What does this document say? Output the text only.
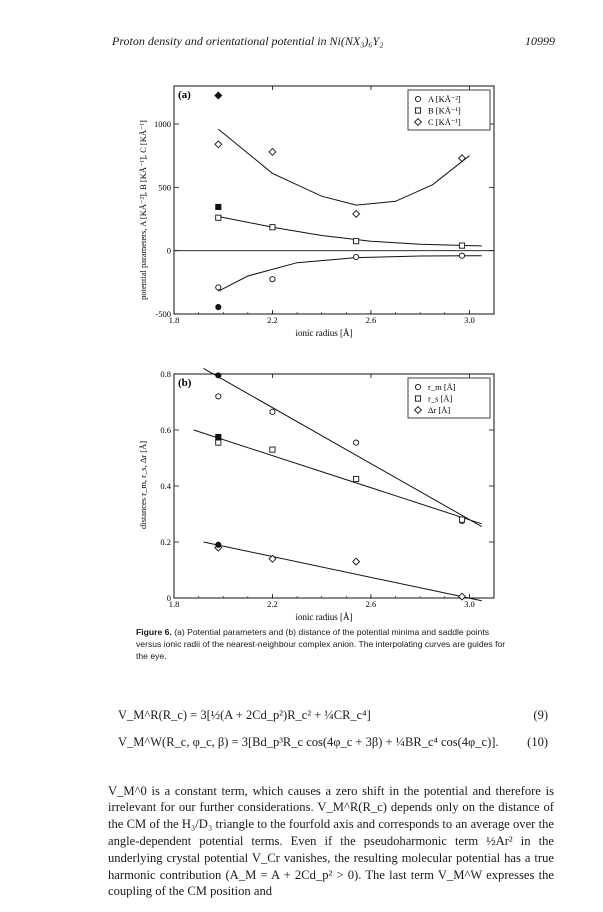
Proton density and orientational potential in Ni(NX₃)₆Y₂	10999
potential parameters, A [KÅ⁻²], B [KÅ⁻¹], C [KÅ⁻¹]
1.8	2.2	2.6	3.0
ionic radius [Å]
1000
500
0
-500
(a)	A [KÅ⁻²]
B [KÅ⁻¹]
C [KÅ⁻¹]
distances r_m, r_s, Δr [Å]
1.8	2.2	2.6	3.0
ionic radius [Å]
0.8
0.6
0.4
0.2
0
(b)	r_m [Å]
r_s [Å]
Δr [Å]
Figure 6. (a) Potential parameters and (b) distance of the potential minima and saddle points versus ionic radii of the nearest-neighbour complex anion. The interpolating curves are guides for the eye.
V_M^R(R_c) = 3[½(A + 2Cd_p²)R_c² + ¼CR_c⁴]	(9)
V_M^W(R_c, φ_c, β) = 3[Bd_p³R_c cos(4φ_c + 3β) + ¼BR_c⁴ cos(4φ_c)]. (10)

V_M^0 is a constant term, which causes a zero shift in the potential and therefore is irrelevant for our further considerations. V_M^R(R_c) depends only on the distance of the CM of the H₃/D₃ triangle to the fourfold axis and corresponds to an average over the angle-dependent potential terms. Even if the pseudoharmonic term ½Ar² in the underlying crystal potential V_Cr vanishes, the resulting molecular potential has a true harmonic contribution (A_M = A + 2Cd_p² > 0). The last term V_M^W expresses the coupling of the CM position and
